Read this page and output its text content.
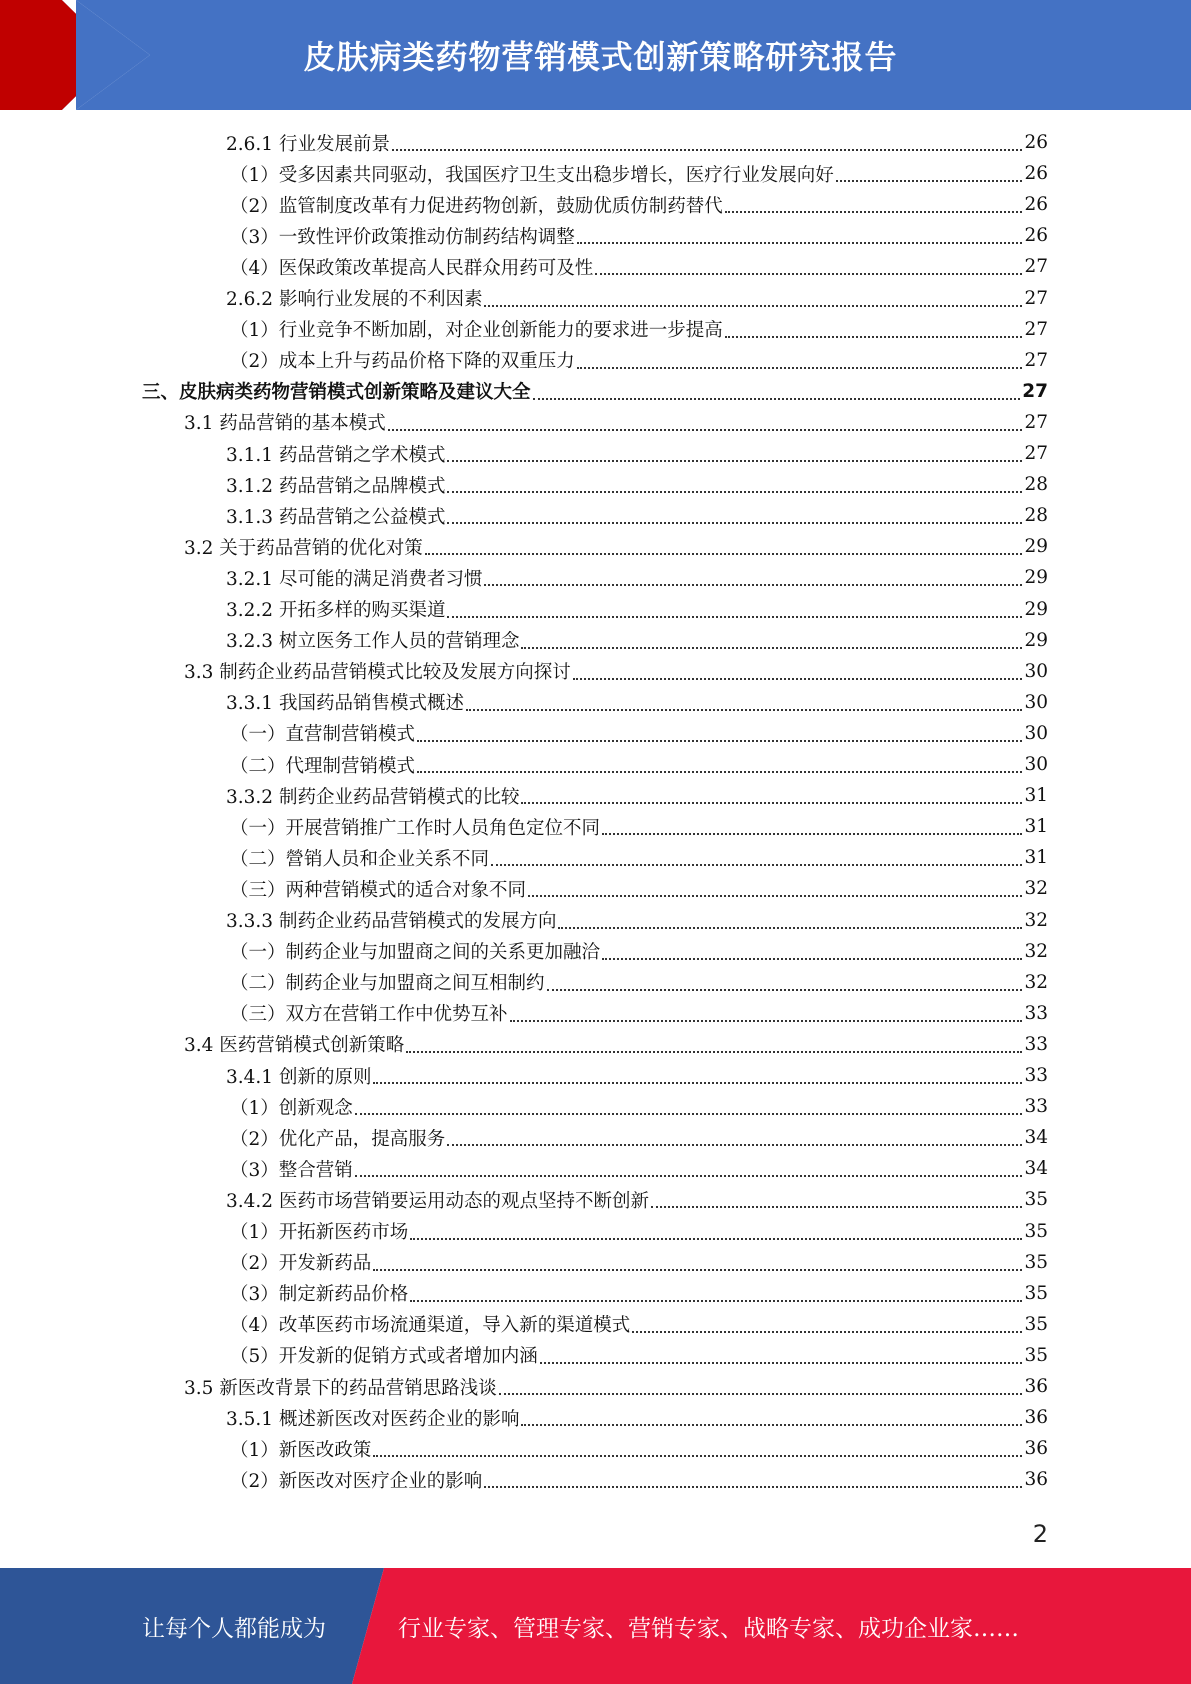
皮肤病类药物营销模式创新策略研究报告
2.6.1 行业发展前景	26
（1）受多因素共同驱动，我国医疗卫生支出稳步增长，医疗行业发展向好	26
（2）监管制度改革有力促进药物创新，鼓励优质仿制药替代	26
（3）一致性评价政策推动仿制药结构调整	26
（4）医保政策改革提高人民群众用药可及性	27
2.6.2 影响行业发展的不利因素	27
（1）行业竞争不断加剧，对企业创新能力的要求进一步提高	27
（2）成本上升与药品价格下降的双重压力	27
三、皮肤病类药物营销模式创新策略及建议大全	27
3.1 药品营销的基本模式	27
3.1.1 药品营销之学术模式	27
3.1.2 药品营销之品牌模式	28
3.1.3 药品营销之公益模式	28
3.2 关于药品营销的优化对策	29
3.2.1 尽可能的满足消费者习惯	29
3.2.2 开拓多样的购买渠道	29
3.2.3 树立医务工作人员的营销理念	29
3.3 制药企业药品营销模式比较及发展方向探讨	30
3.3.1 我国药品销售模式概述	30
（一）直营制营销模式	30
（二）代理制营销模式	30
3.3.2 制药企业药品营销模式的比较	31
（一）开展营销推广工作时人员角色定位不同	31
（二）營销人员和企业关系不同	31
（三）两种营销模式的适合对象不同	32
3.3.3 制药企业药品营销模式的发展方向	32
（一）制药企业与加盟商之间的关系更加融洽	32
（二）制药企业与加盟商之间互相制约	32
（三）双方在营销工作中优势互补	33
3.4 医药营销模式创新策略	33
3.4.1 创新的原则	33
（1）创新观念	33
（2）优化产品，提高服务	34
（3）整合营销	34
3.4.2 医药市场营销要运用动态的观点坚持不断创新	35
（1）开拓新医药市场	35
（2）开发新药品	35
（3）制定新药品价格	35
（4）改革医药市场流通渠道，导入新的渠道模式	35
（5）开发新的促销方式或者增加内涵	35
3.5 新医改背景下的药品营销思路浅谈	36
3.5.1 概述新医改对医药企业的影响	36
（1）新医改政策	36
（2）新医改对医疗企业的影响	36
2
让每个人都能成为	行业专家、管理专家、营销专家、战略专家、成功企业家……
